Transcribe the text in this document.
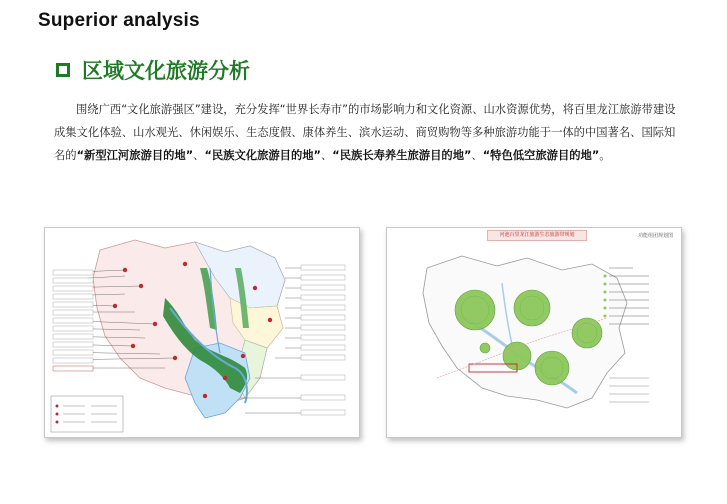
Superior analysis
区域文化旅游分析
围绕广西“文化旅游强区”建设，充分发挥“世界长寿市”的市场影响力和文化资源、山水资源优势，将百里龙江旅游带建设成集文化体验、山水观光、休闲娱乐、生态度假、康体养生、滨水运动、商贸购物等多种旅游功能于一体的中国著名、国际知名的“新型江河旅游目的地”、“民族文化旅游目的地”、“民族长寿养生旅游目的地”、“特色低空旅游目的地”。
河池百里龙江旅游生态旅游带规划	功能组团规划图
